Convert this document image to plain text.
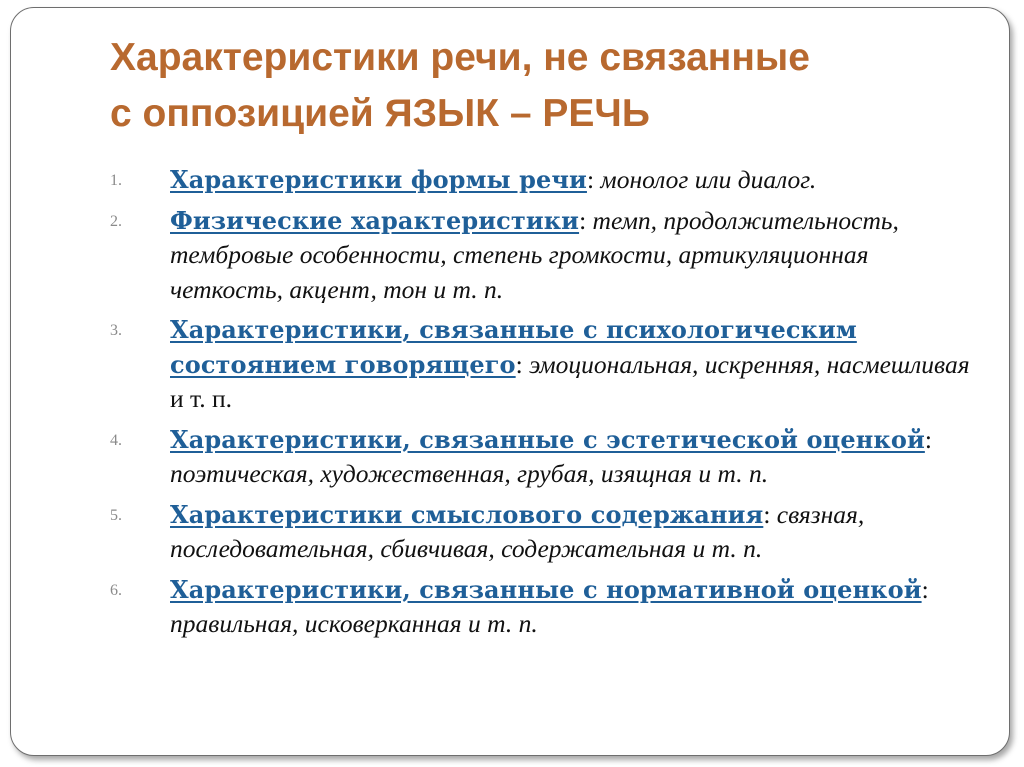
Характеристики речи, не связанные
с оппозицией ЯЗЫК – РЕЧЬ
1. Характеристики формы речи: монолог или диалог.
2. Физические характеристики: темп, продолжительность, тембровые особенности, степень громкости, артикуляционная четкость, акцент, тон и т. п.
3. Характеристики, связанные с психологическим состоянием говорящего: эмоциональная, искренняя, насмешливая и т. п.
4. Характеристики, связанные с эстетической оценкой: поэтическая, художественная, грубая, изящная и т. п.
5. Характеристики смыслового содержания: связная, последовательная, сбивчивая, содержательная и т. п.
6. Характеристики, связанные с нормативной оценкой: правильная, исковерканная и т. п.
